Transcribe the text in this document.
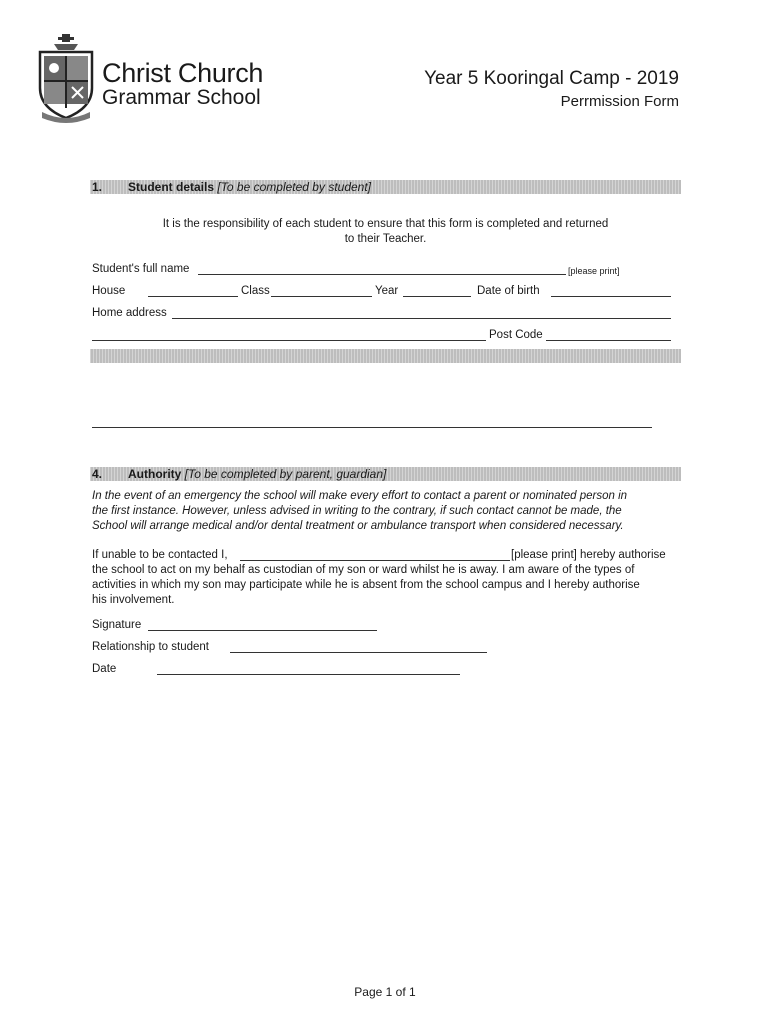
Christ Church
Grammar School
Year 5 Kooringal Camp - 2019
Perrmission Form
1. Student details [To be completed by student]
It is the responsibility of each student to ensure that this form is completed and returned
to their Teacher.
Student's full name	[please print]
House	Class	Year	Date of birth
Home address
Post Code
4. Authority [To be completed by parent, guardian]
In the event of an emergency the school will make every effort to contact a parent or nominated person in
the first instance. However, unless advised in writing to the contrary, if such contact cannot be made, the
School will arrange medical and/or dental treatment or ambulance transport when considered necessary.
If unable to be contacted I,	[please print] hereby authorise
the school to act on my behalf as custodian of my son or ward whilst he is away. I am aware of the types of
activities in which my son may participate while he is absent from the school campus and I hereby authorise
his involvement.
Signature
Relationship to student
Date
Page 1 of 1
